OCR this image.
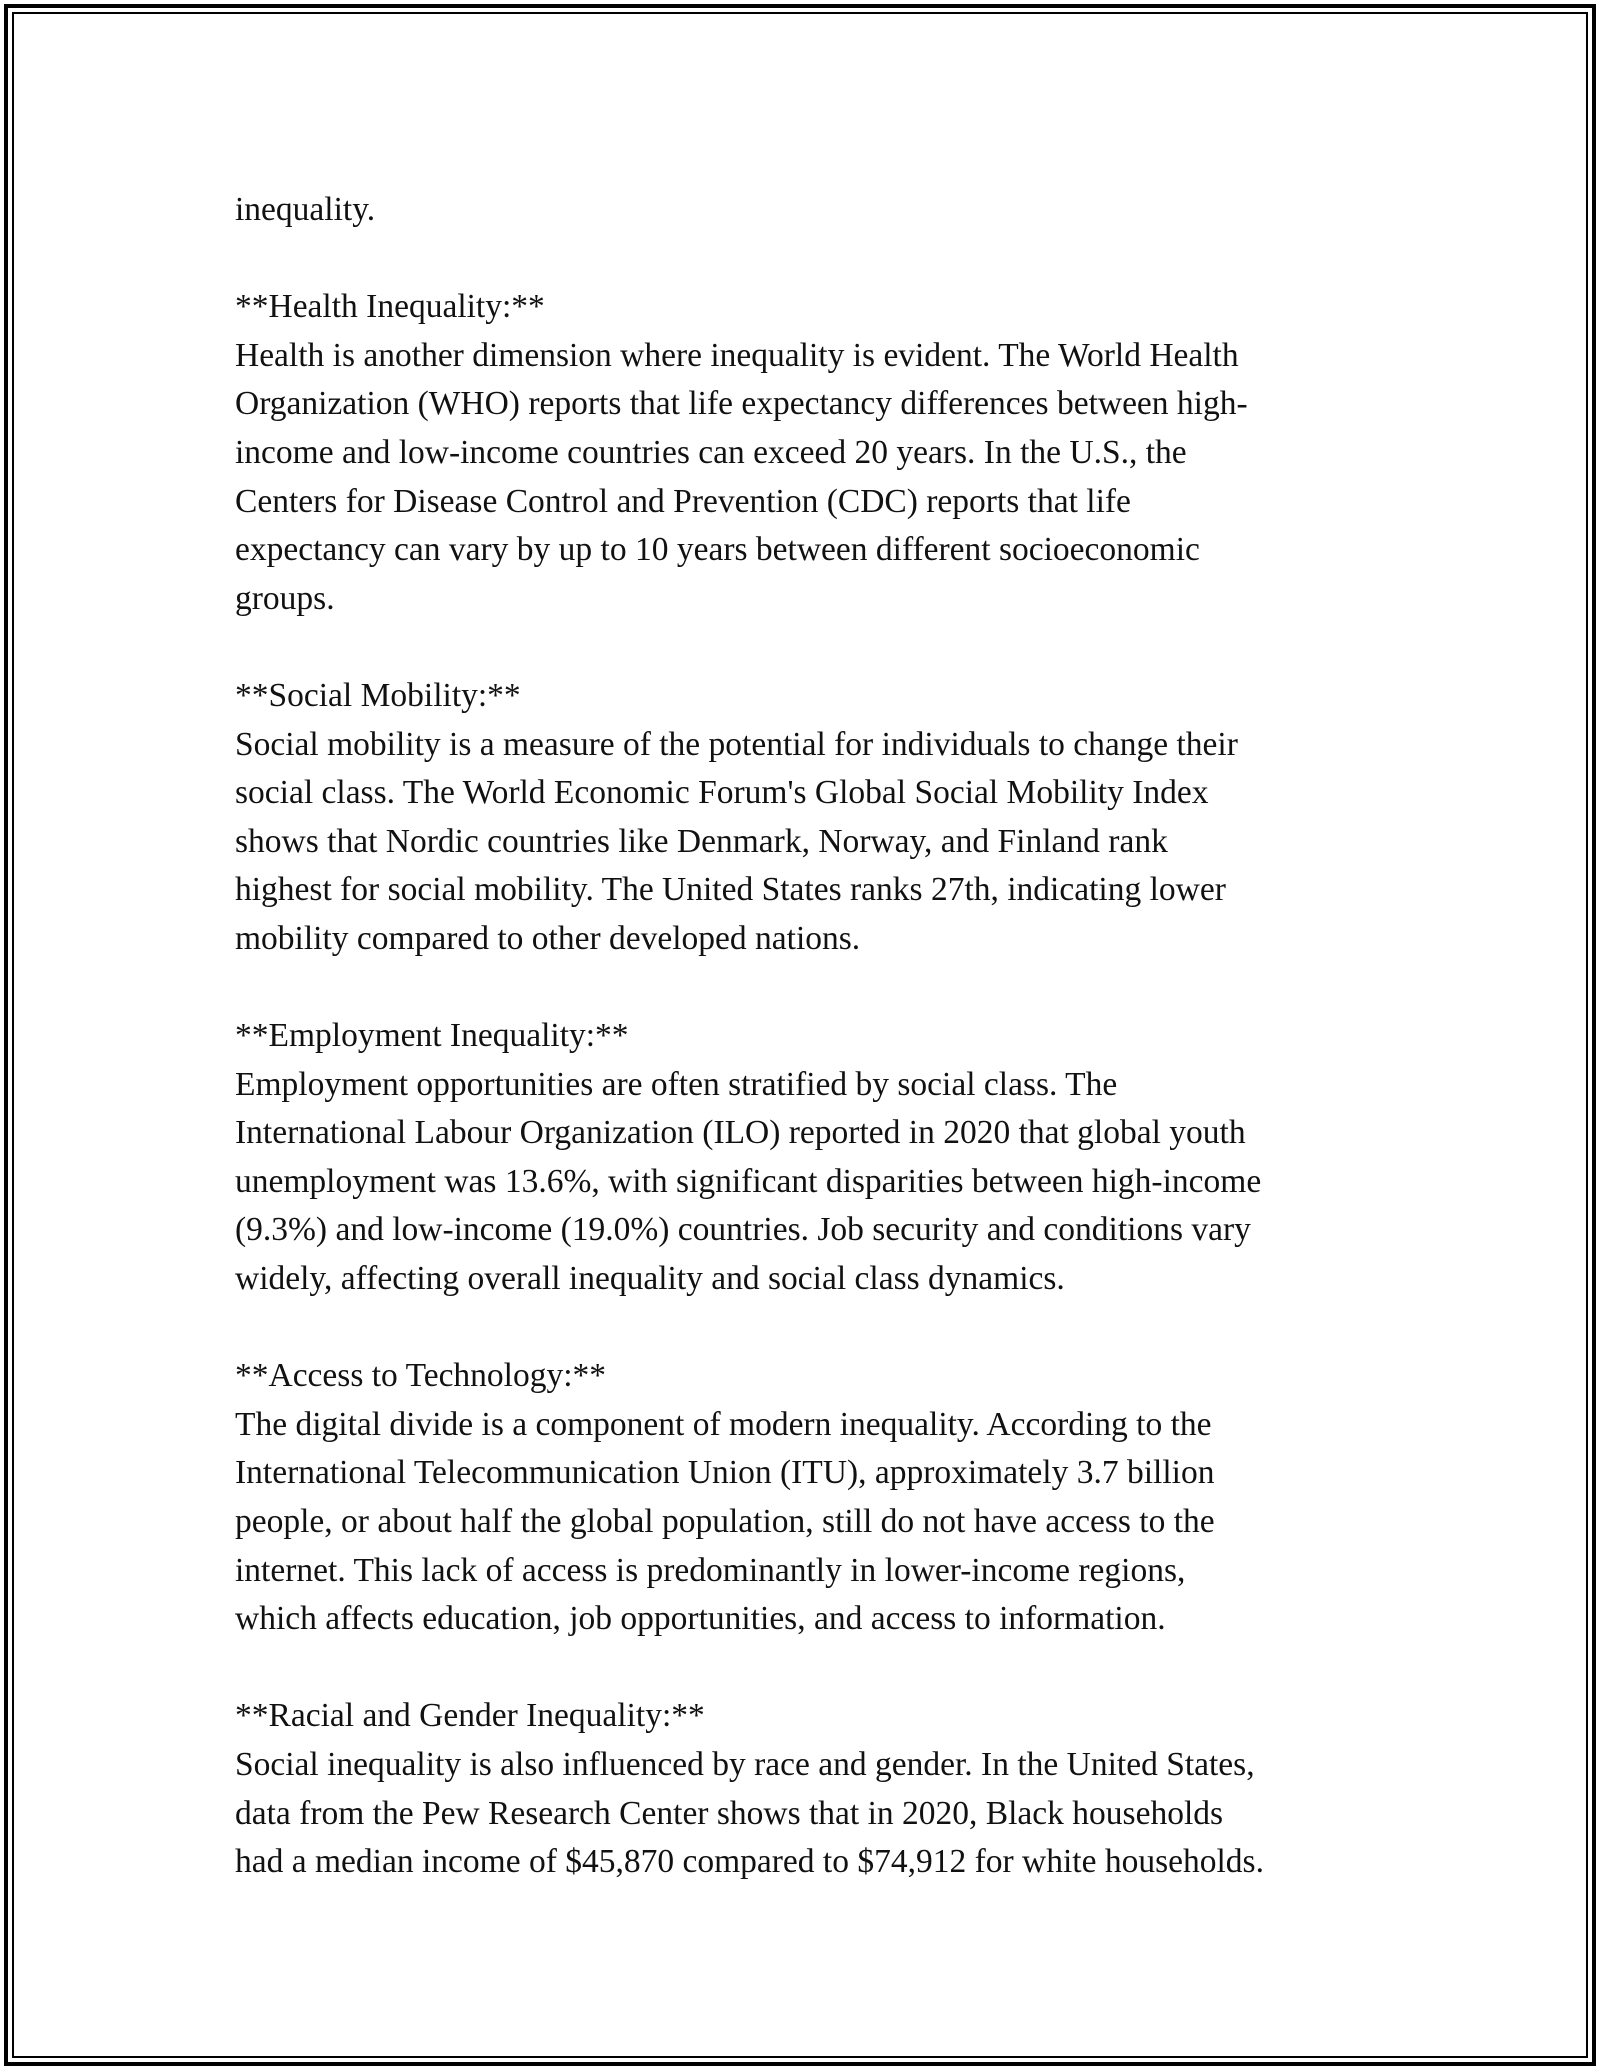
inequality.
**Health Inequality:**
Health is another dimension where inequality is evident. The World Health
Organization (WHO) reports that life expectancy differences between high-
income and low-income countries can exceed 20 years. In the U.S., the
Centers for Disease Control and Prevention (CDC) reports that life
expectancy can vary by up to 10 years between different socioeconomic
groups.
**Social Mobility:**
Social mobility is a measure of the potential for individuals to change their
social class. The World Economic Forum's Global Social Mobility Index
shows that Nordic countries like Denmark, Norway, and Finland rank
highest for social mobility. The United States ranks 27th, indicating lower
mobility compared to other developed nations.
**Employment Inequality:**
Employment opportunities are often stratified by social class. The
International Labour Organization (ILO) reported in 2020 that global youth
unemployment was 13.6%, with significant disparities between high-income
(9.3%) and low-income (19.0%) countries. Job security and conditions vary
widely, affecting overall inequality and social class dynamics.
**Access to Technology:**
The digital divide is a component of modern inequality. According to the
International Telecommunication Union (ITU), approximately 3.7 billion
people, or about half the global population, still do not have access to the
internet. This lack of access is predominantly in lower-income regions,
which affects education, job opportunities, and access to information.
**Racial and Gender Inequality:**
Social inequality is also influenced by race and gender. In the United States,
data from the Pew Research Center shows that in 2020, Black households
had a median income of $45,870 compared to $74,912 for white households.
